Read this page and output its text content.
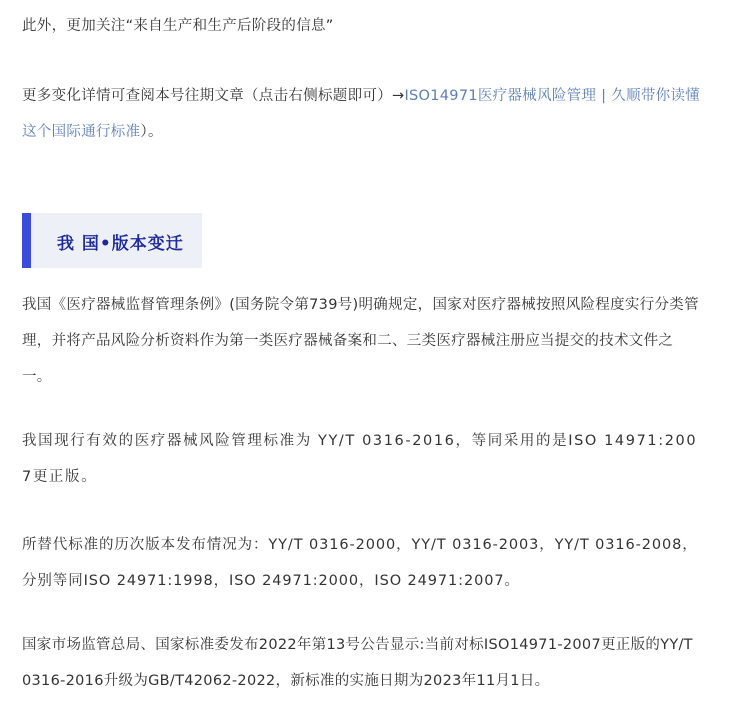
此外，更加关注“来自生产和生产后阶段的信息”

更多变化详情可查阅本号往期文章（点击右侧标题即可）→ISO14971医疗器械风险管理 | 久顺带你读懂这个国际通行标准）。

我 国•版本变迁

我国《医疗器械监督管理条例》(国务院令第739号)明确规定，国家对医疗器械按照风险程度实行分类管理，并将产品风险分析资料作为第一类医疗器械备案和二、三类医疗器械注册应当提交的技术文件之一。

我国现行有效的医疗器械风险管理标准为 YY/T 0316-2016，等同采用的是ISO 14971:2007更正版。

所替代标准的历次版本发布情况为：YY/T 0316-2000，YY/T 0316-2003，YY/T 0316-2008，分别等同ISO 24971:1998，ISO 24971:2000，ISO 24971:2007。

国家市场监管总局、国家标准委发布2022年第13号公告显示:当前对标ISO14971-2007更正版的YY/T0316-2016升级为GB/T42062-2022，新标准的实施日期为2023年11月1日。
